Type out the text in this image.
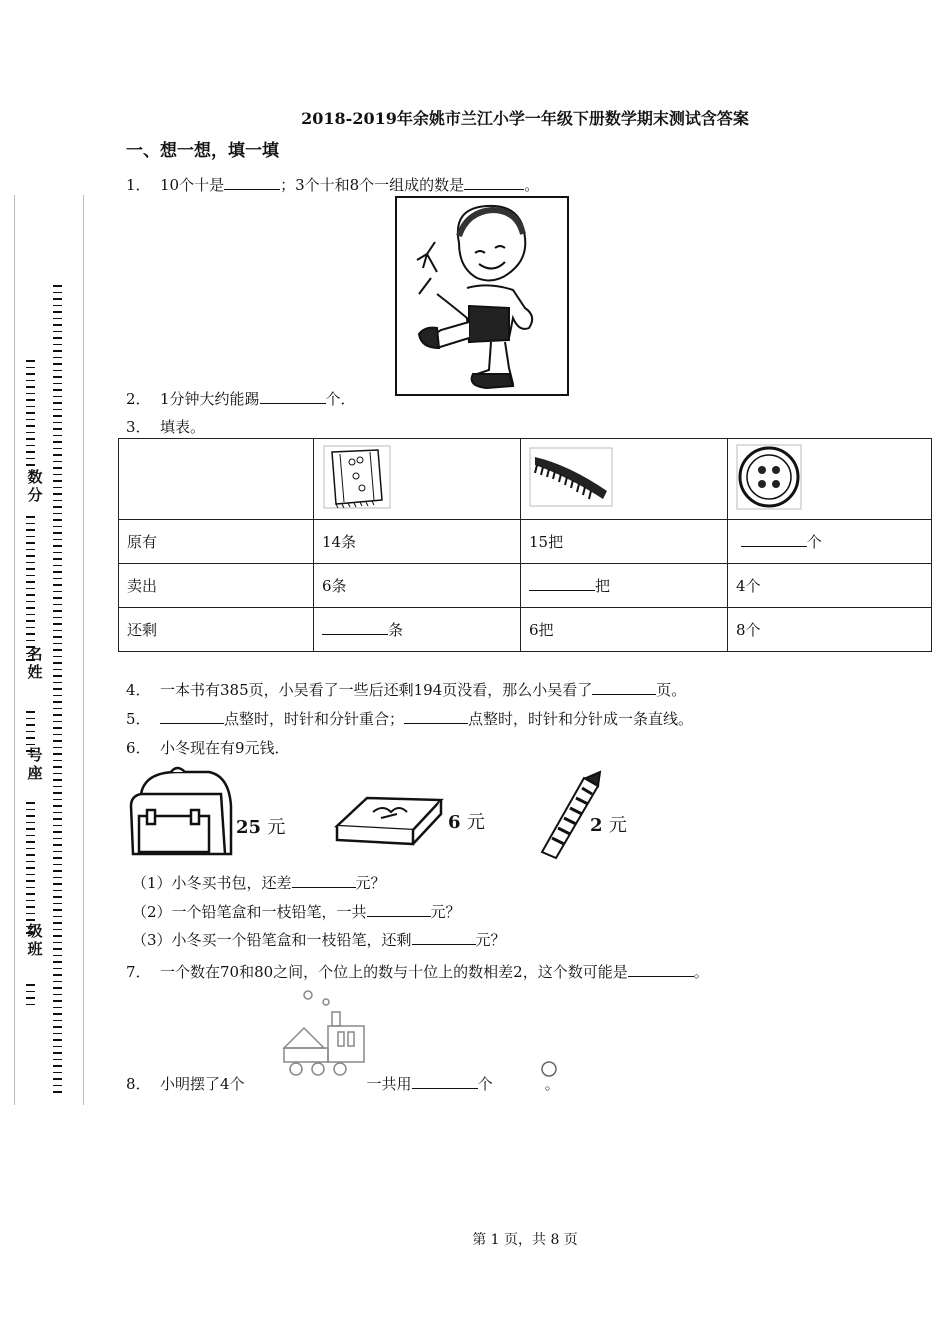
2018-2019年余姚市兰江小学一年级下册数学期末测试含答案
一、想一想，填一填
数分
名姓
号座
级班
1． 10个十是	；3个十和8个一组成的数是	。
2． 1分钟大约能踢	个．
3． 填表。

原有	14条	15把	个
卖出	6条	把	4个
还剩	条	6把	8个
4． 一本书有385页，小吴看了一些后还剩194页没看，那么小吴看了	页。
5．	点整时，时针和分针重合；	点整时，时针和分针成一条直线。
6． 小冬现在有9元钱．
25 元	6 元	2 元
（1）小冬买书包，还差	元？
（2）一个铅笔盒和一枝铅笔，一共	元？
（3）小冬买一个铅笔盒和一枝铅笔，还剩	元？
7． 一个数在70和80之间，个位上的数与十位上的数相差2，这个数可能是	。
8． 小明摆了4个	一共用	个	。
第 1 页，共 8 页
